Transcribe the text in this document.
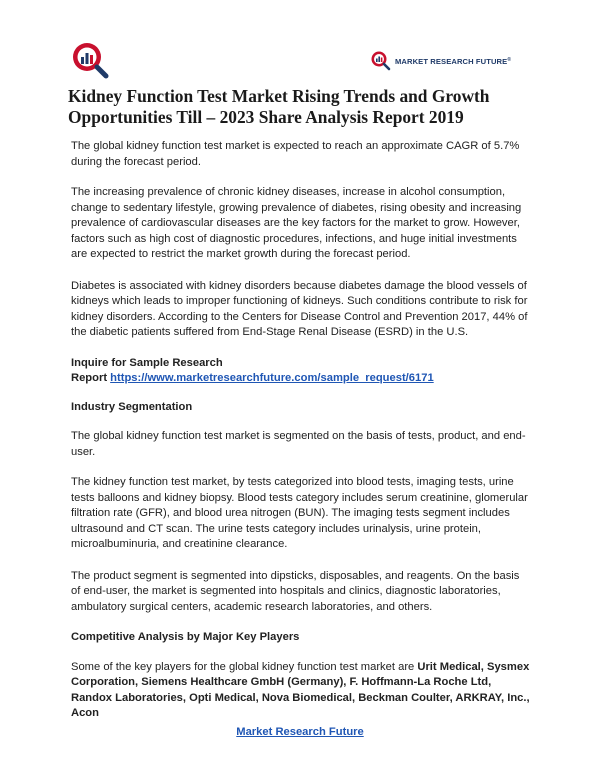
MARKET RESEARCH FUTURE®
Kidney Function Test Market Rising Trends and Growth Opportunities Till – 2023 Share Analysis Report 2019

The global kidney function test market is expected to reach an approximate CAGR of 5.7% during the forecast period.

The increasing prevalence of chronic kidney diseases, increase in alcohol consumption, change to sedentary lifestyle, growing prevalence of diabetes, rising obesity and increasing prevalence of cardiovascular diseases are the key factors for the market to grow. However, factors such as high cost of diagnostic procedures, infections, and huge initial investments are expected to restrict the market growth during the forecast period.

Diabetes is associated with kidney disorders because diabetes damage the blood vessels of kidneys which leads to improper functioning of kidneys. Such conditions contribute to risk for kidney disorders. According to the Centers for Disease Control and Prevention 2017, 44% of the diabetic patients suffered from End-Stage Renal Disease (ESRD) in the U.S.

Inquire for Sample Research
Report https://www.marketresearchfuture.com/sample_request/6171

Industry Segmentation

The global kidney function test market is segmented on the basis of tests, product, and end-user.

The kidney function test market, by tests categorized into blood tests, imaging tests, urine tests balloons and kidney biopsy. Blood tests category includes serum creatinine, glomerular filtration rate (GFR), and blood urea nitrogen (BUN). The imaging tests segment includes ultrasound and CT scan. The urine tests category includes urinalysis, urine protein, microalbuminuria, and creatinine clearance.

The product segment is segmented into dipsticks, disposables, and reagents. On the basis of end-user, the market is segmented into hospitals and clinics, diagnostic laboratories, ambulatory surgical centers, academic research laboratories, and others.

Competitive Analysis by Major Key Players

Some of the key players for the global kidney function test market are Urit Medical, Sysmex Corporation, Siemens Healthcare GmbH (Germany), F. Hoffmann-La Roche Ltd, Randox Laboratories, Opti Medical, Nova Biomedical, Beckman Coulter, ARKRAY, Inc., Acon

Market Research Future
